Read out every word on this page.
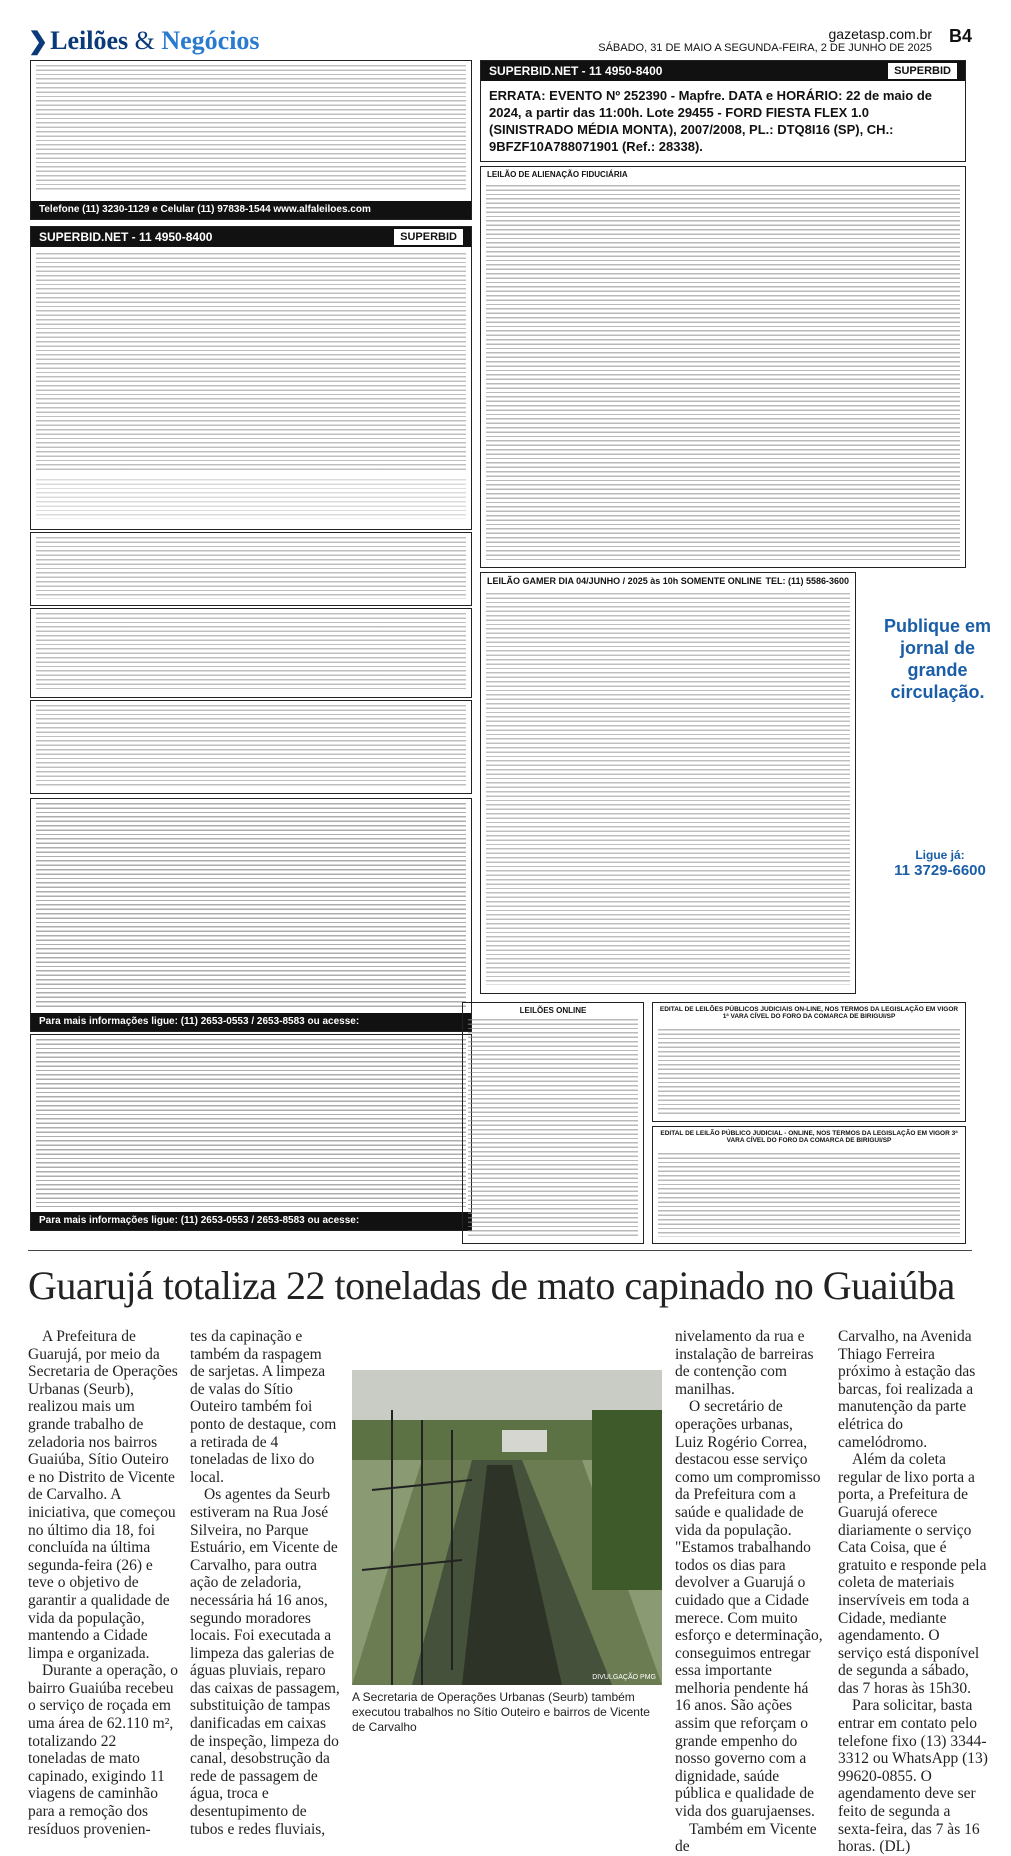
❯Leilões & Negócios	gazetasp.com.br
SÁBADO, 31 DE MAIO A SEGUNDA-FEIRA, 2 DE JUNHO DE 2025
B4
Telefone (11) 3230-1129 e Celular (11) 97838-1544 www.alfaleiloes.com
SUPERBID.NET - 11 4950-8400	SUPERBID
Para mais informações ligue: (11) 2653-0553 / 2653-8583 ou acesse:
Para mais informações ligue: (11) 2653-0553 / 2653-8583 ou acesse: www.fidalgoleiloes.com.br
SUPERBID.NET - 11 4950-8400	SUPERBID
ERRATA: EVENTO Nº 252390 - Mapfre. DATA e HORÁRIO: 22 de maio de 2024, a partir das 11:00h. Lote 29455 - FORD FIESTA FLEX 1.0 (SINISTRADO MÉDIA MONTA), 2007/2008, PL.: DTQ8I16 (SP), CH.: 9BFZF10A788071901 (Ref.: 28338).
LEILÃO DE ALIENAÇÃO FIDUCIÁRIA
LEILÃO GAMER DIA 04/JUNHO / 2025 às 10h SOMENTE ONLINE TEL: (11) 5586-3600
Publique em jornal de grande circulação.
Ligue já:
11 3729-6600
LEILÕES ONLINE	EDITAL DE LEILÕES PÚBLICOS JUDICIAIS ON-LINE, NOS TERMOS DA LEGISLAÇÃO EM VIGOR 1ª VARA CÍVEL DO FORO DA COMARCA DE BIRIGUI/SP
EDITAL DE LEILÃO PÚBLICO JUDICIAL - ONLINE, NOS TERMOS DA LEGISLAÇÃO EM VIGOR 3ª VARA CÍVEL DO FORO DA COMARCA DE BIRIGUI/SP
Guarujá totaliza 22 toneladas de mato capinado no Guaiúba

A Prefeitura de Guarujá, por meio da Secretaria de Operações Urbanas (Seurb), realizou mais um grande trabalho de zeladoria nos bairros Guaiúba, Sítio Outeiro e no Distrito de Vicente de Carvalho. A iniciativa, que começou no último dia 18, foi concluída na última segunda-feira (26) e teve o objetivo de garantir a qualidade de vida da população, mantendo a Cidade limpa e organizada.

Durante a operação, o bairro Guaiúba recebeu o serviço de roçada em uma área de 62.110 m², totalizando 22 toneladas de mato capinado, exigindo 11 viagens de caminhão para a remoção dos resíduos provenien-

tes da capinação e também da raspagem de sarjetas. A limpeza de valas do Sítio Outeiro também foi ponto de destaque, com a retirada de 4 toneladas de lixo do local.

Os agentes da Seurb estiveram na Rua José Silveira, no Parque Estuário, em Vicente de Carvalho, para outra ação de zeladoria, necessária há 16 anos, segundo moradores locais. Foi executada a limpeza das galerias de águas pluviais, reparo das caixas de passagem, substituição de tampas danificadas em caixas de inspeção, limpeza do canal, desobstrução da rede de passagem de água, troca e desentupimento de tubos e redes fluviais,

DIVULGAÇÃO PMG
A Secretaria de Operações Urbanas (Seurb) também executou trabalhos no Sítio Outeiro e bairros de Vicente de Carvalho

nivelamento da rua e instalação de barreiras de contenção com manilhas.

O secretário de operações urbanas, Luiz Rogério Correa, destacou esse serviço como um compromisso da Prefeitura com a saúde e qualidade de vida da população. "Estamos trabalhando todos os dias para devolver a Guarujá o cuidado que a Cidade merece. Com muito esforço e determinação, conseguimos entregar essa importante melhoria pendente há 16 anos. São ações assim que reforçam o grande empenho do nosso governo com a dignidade, saúde pública e qualidade de vida dos guarujaenses.

Também em Vicente de

Carvalho, na Avenida Thiago Ferreira próximo à estação das barcas, foi realizada a manutenção da parte elétrica do camelódromo.

Além da coleta regular de lixo porta a porta, a Prefeitura de Guarujá oferece diariamente o serviço Cata Coisa, que é gratuito e responde pela coleta de materiais inservíveis em toda a Cidade, mediante agendamento. O serviço está disponível de segunda a sábado, das 7 horas às 15h30.

Para solicitar, basta entrar em contato pelo telefone fixo (13) 3344-3312 ou WhatsApp (13) 99620-0855. O agendamento deve ser feito de segunda a sexta-feira, das 7 às 16 horas. (DL)
